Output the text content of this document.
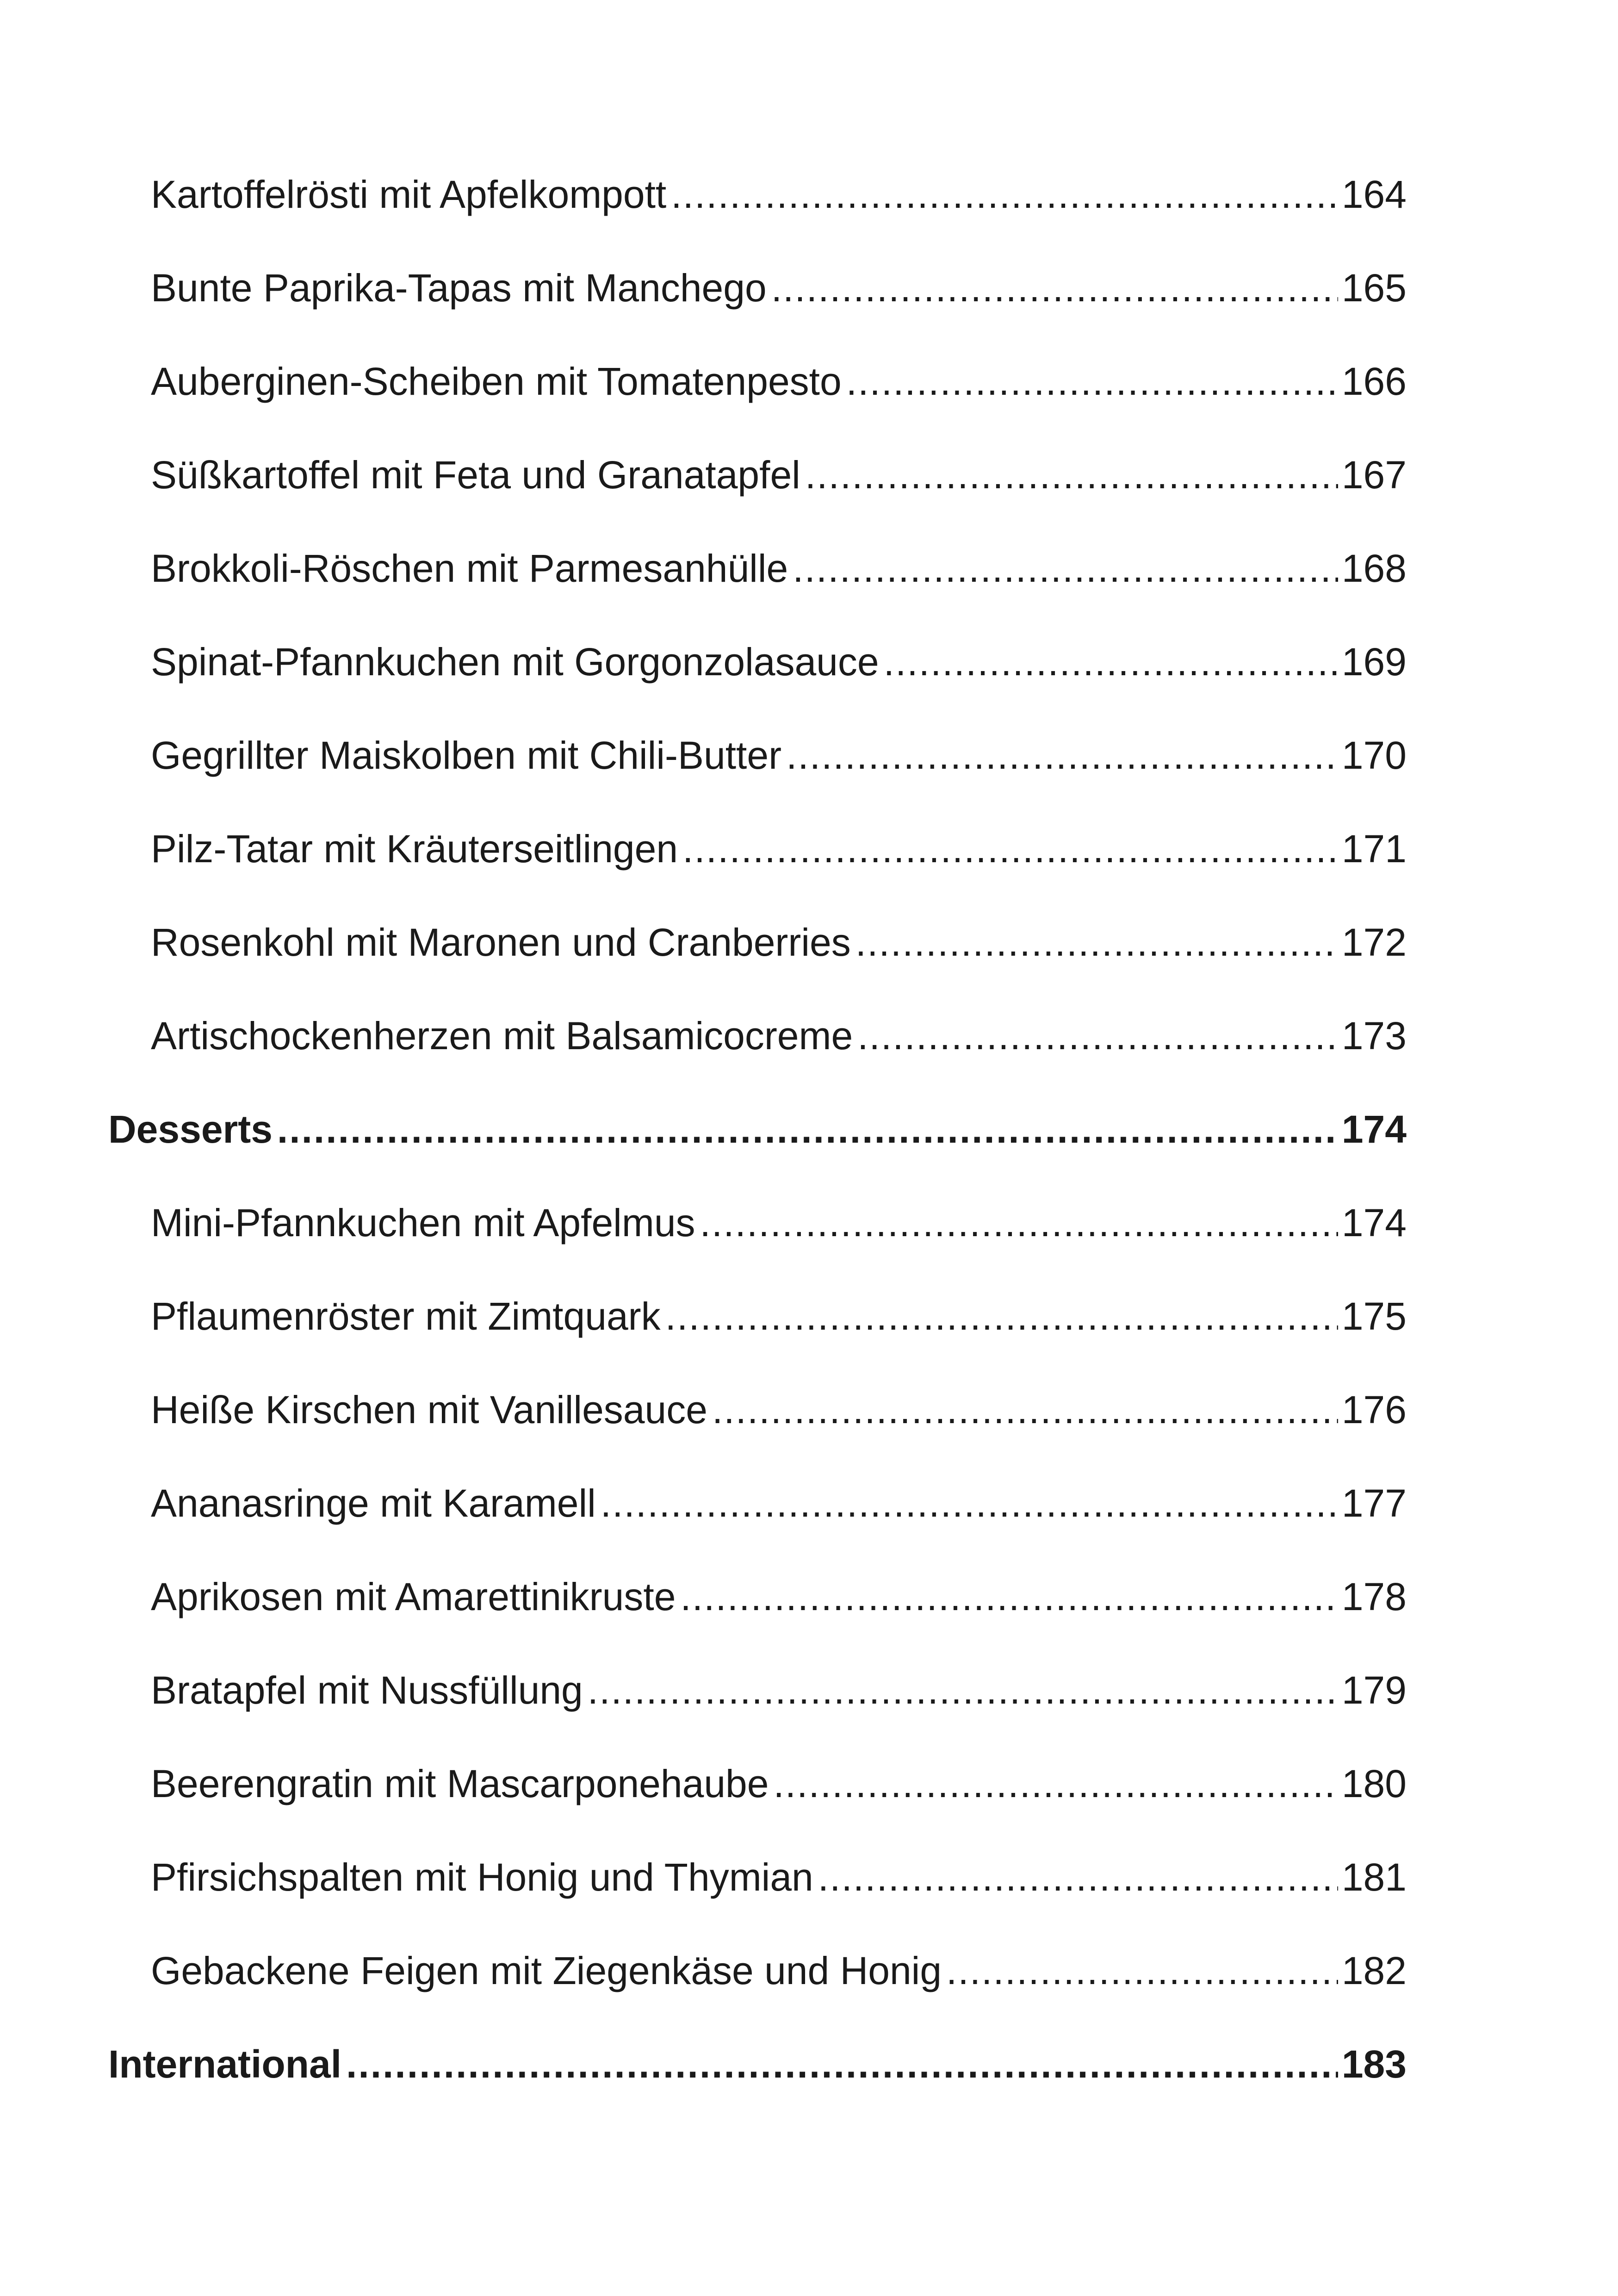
Kartoffelrösti mit Apfelkompott .....	164
Bunte Paprika-Tapas mit Manchego .....	165
Auberginen-Scheiben mit Tomatenpesto .....	166
Süßkartoffel mit Feta und Granatapfel .....	167
Brokkoli-Röschen mit Parmesanhülle .....	168
Spinat-Pfannkuchen mit Gorgonzolasauce .....	169
Gegrillter Maiskolben mit Chili-Butter .....	170
Pilz-Tatar mit Kräuterseitlingen .....	171
Rosenkohl mit Maronen und Cranberries .....	172
Artischockenherzen mit Balsamicocreme .....	173
Desserts .....	174
Mini-Pfannkuchen mit Apfelmus .....	174
Pflaumenröster mit Zimtquark .....	175
Heiße Kirschen mit Vanillesauce .....	176
Ananasringe mit Karamell .....	177
Aprikosen mit Amarettinikruste .....	178
Bratapfel mit Nussfüllung .....	179
Beerengratin mit Mascarponehaube .....	180
Pfirsichspalten mit Honig und Thymian .....	181
Gebackene Feigen mit Ziegenkäse und Honig .....	182
International .....	183
